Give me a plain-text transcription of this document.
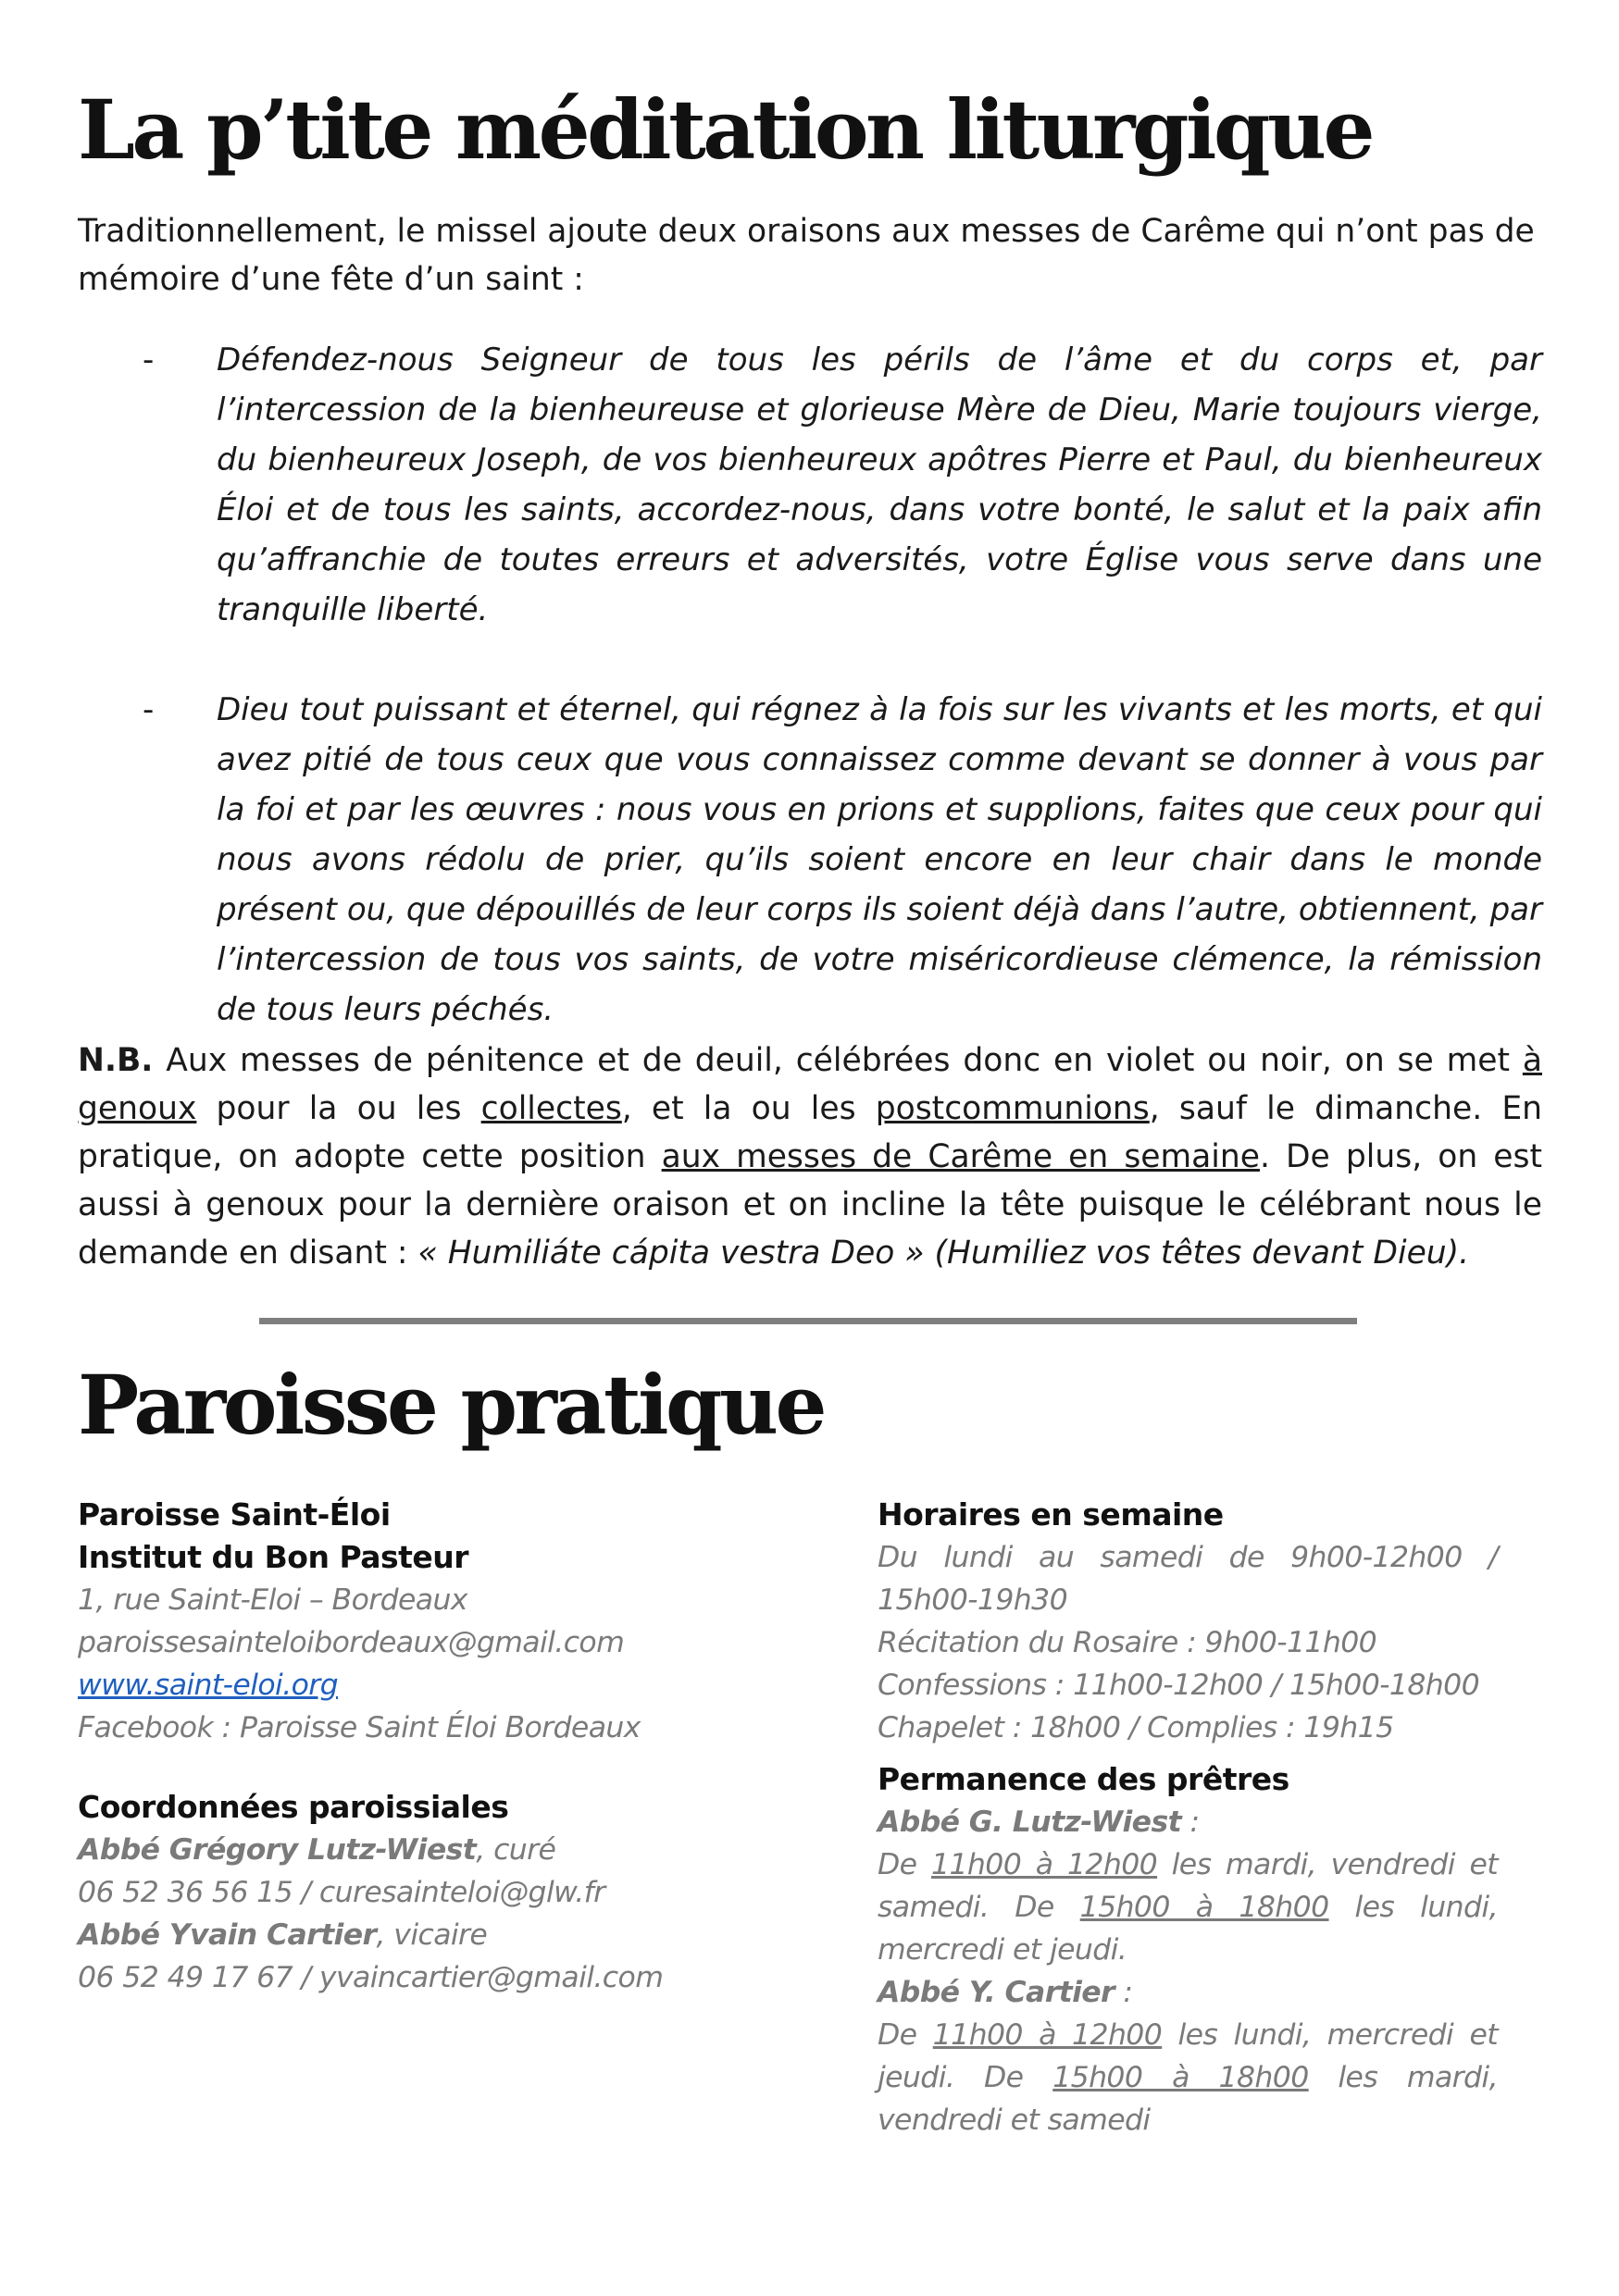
La p’tite méditation liturgique

Traditionnellement, le missel ajoute deux oraisons aux messes de Carême qui n’ont pas de mémoire d’une fête d’un saint :

- Défendez-nous Seigneur de tous les périls de l’âme et du corps et, par l’intercession de la bienheureuse et glorieuse Mère de Dieu, Marie toujours vierge, du bienheureux Joseph, de vos bienheureux apôtres Pierre et Paul, du bienheureux Éloi et de tous les saints, accordez-nous, dans votre bonté, le salut et la paix afin qu’affranchie de toutes erreurs et adversités, votre Église vous serve dans une tranquille liberté.
- Dieu tout puissant et éternel, qui régnez à la fois sur les vivants et les morts, et qui avez pitié de tous ceux que vous connaissez comme devant se donner à vous par la foi et par les œuvres : nous vous en prions et supplions, faites que ceux pour qui nous avons rédolu de prier, qu’ils soient encore en leur chair dans le monde présent ou, que dépouillés de leur corps ils soient déjà dans l’autre, obtiennent, par l’intercession de tous vos saints, de votre miséricordieuse clémence, la rémission de tous leurs péchés.

N.B. Aux messes de pénitence et de deuil, célébrées donc en violet ou noir, on se met à genoux pour la ou les collectes, et la ou les postcommunions, sauf le dimanche. En pratique, on adopte cette position aux messes de Carême en semaine. De plus, on est aussi à genoux pour la dernière oraison et on incline la tête puisque le célébrant nous le demande en disant : « Humiliáte cápita vestra Deo » (Humiliez vos têtes devant Dieu).

Paroisse pratique
Paroisse Saint-Éloi
Institut du Bon Pasteur
1, rue Saint-Eloi – Bordeaux
paroissesainteloibordeaux@gmail.com
www.saint-eloi.org
Facebook : Paroisse Saint Éloi Bordeaux
Coordonnées paroissiales
Abbé Grégory Lutz-Wiest, curé
06 52 36 56 15 / curesainteloi@glw.fr
Abbé Yvain Cartier, vicaire
06 52 49 17 67 / yvaincartier@gmail.com
Horaires en semaine
Du lundi au samedi de 9h00-12h00 / 15h00-19h30
Récitation du Rosaire : 9h00-11h00
Confessions : 11h00-12h00 / 15h00-18h00
Chapelet : 18h00 / Complies : 19h15
Permanence des prêtres
Abbé G. Lutz-Wiest :
De 11h00 à 12h00 les mardi, vendredi et samedi. De 15h00 à 18h00 les lundi, mercredi et jeudi.
Abbé Y. Cartier :
De 11h00 à 12h00 les lundi, mercredi et jeudi. De 15h00 à 18h00 les mardi, vendredi et samedi
